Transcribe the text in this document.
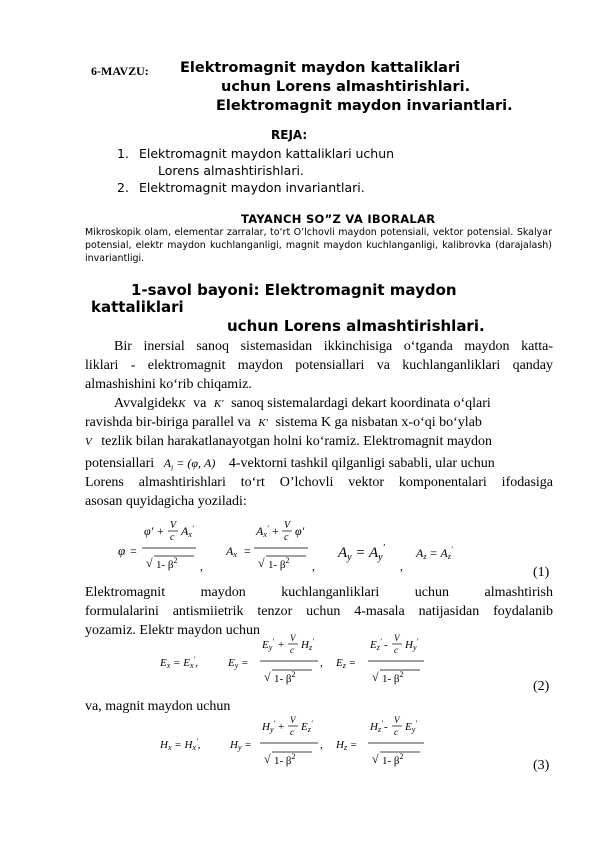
6-MAVZU: Elektromagnit maydon kattaliklari
uchun Lorens almashtirishlari.
Elektromagnit maydon invariantlari.
REJA:
1. Elektromagnit maydon kattaliklari uchun
Lorens almashtirishlari.
2. Elektromagnit maydon invariantlari.
TAYANCH SO”Z VA IBORALAR
Mikroskopik olam, elementar zarralar, to‘rt O’lchovli maydon potensiali, vektor potensial. Skalyar potensial, elektr maydon kuchlanganligi, magnit maydon kuchlanganligi, kalibrovka (darajalash) invariantligi.
1-savol bayoni: Elektromagnit maydon
kattaliklari
uchun Lorens almashtirishlari.
Bir inersial sanoq sistemasidan ikkinchisiga o‘tganda maydon katta-
liklari - elektromagnit maydon potensiallari va kuchlanganliklari qanday
almashishini ko‘rib chiqamiz.
AvvalgidekK va K′ sanoq sistemalardagi dekart koordinata o‘qlari
ravishda bir-biriga parallel va K′ sistema K ga nisbatan x-o‘qi bo‘ylab
V tezlik bilan harakatlanayotgan holni ko‘ramiz. Elektromagnit maydon
potensiallari $A_i = (\varphi$, A) 4-vektorni tashkil qilganligi sababli, ular uchun
Lorens almashtirishlari to‘rt O’lchovli vektor komponentalari ifodasiga
asosan quyidagicha yoziladi:
φ =
φ′ + V
c Ax′
√ 1- $\beta^2$ ,
Ax =
Ax′ + V
c φ′
√ 1- $\beta^2$ ,
$A_y = A_y'$
,
Az = Az′
(1)
Elektromagnit maydon kuchlanganliklari uchun almashtirish
formulalarini antismiietrik tenzor uchun 4-masala natijasidan foydalanib
yozamiz. Elektr maydon uchun
Ex = Ex′,	Ey =
Ey′ +
V
c Hz′
√ 1- $\beta^2$
, Ez =
Ez′ -
V
c Hy′
√ 1- $\beta^2$
(2)
va, magnit maydon uchun
Hx = Hx′,	Hy =
Hy′ +
V
c Ez′
√ 1- $\beta^2$
, Hz =
Hz′ -
V
c Ey′
√ 1- $\beta^2$
(3)
